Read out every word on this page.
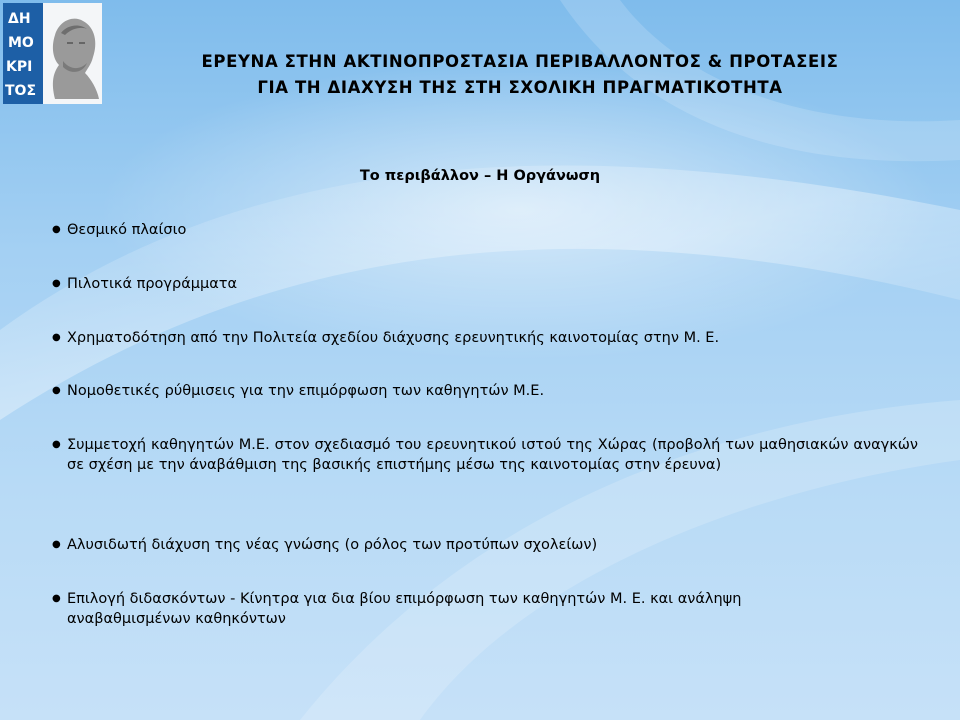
ΔΗ
ΜΟ
ΚΡΙ
ΤΟΣ
ΕΡΕΥΝΑ ΣΤΗΝ ΑΚΤΙΝΟΠΡΟΣΤΑΣΙΑ ΠΕΡΙΒΑΛΛΟΝΤΟΣ & ΠΡΟΤΑΣΕΙΣ
ΓΙΑ ΤΗ ΔΙΑΧΥΣΗ ΤΗΣ ΣΤΗ ΣΧΟΛΙΚΗ ΠΡΑΓΜΑΤΙΚΟΤΗΤΑ
Το περιβάλλον – Η Οργάνωση
● Θεσμικό πλαίσιο
● Πιλοτικά προγράμματα
● Χρηματοδότηση από την Πολιτεία σχεδίου διάχυσης ερευνητικής καινοτομίας στην Μ. Ε.
● Νομοθετικές ρύθμισεις για την επιμόρφωση των καθηγητών Μ.Ε.
● Συμμετοχή καθηγητών Μ.Ε. στον σχεδιασμό του ερευνητικού ιστού της Χώρας (προβολή των μαθησιακών αναγκών σε σχέση με την άναβάθμιση της βασικής επιστήμης μέσω της καινοτομίας στην έρευνα)
● Αλυσιδωτή διάχυση της νέας γνώσης (ο ρόλος των προτύπων σχολείων)
● Επιλογή διδασκόντων - Κίνητρα για δια βίου επιμόρφωση των καθηγητών Μ. Ε. και ανάληψη αναβαθμισμένων καθηκόντων
